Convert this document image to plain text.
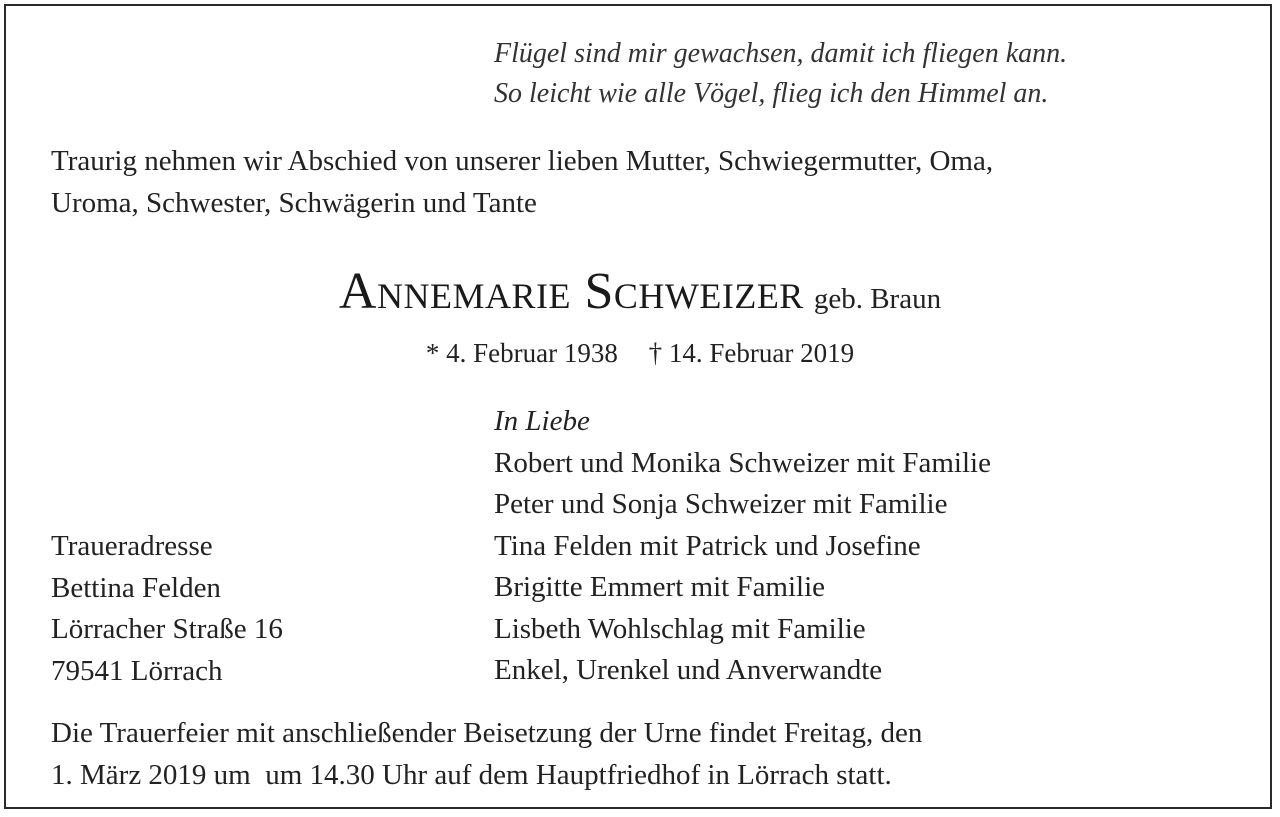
Flügel sind mir gewachsen, damit ich fliegen kann.
So leicht wie alle Vögel, flieg ich den Himmel an.
Traurig nehmen wir Abschied von unserer lieben Mutter, Schwiegermutter, Oma,
Uroma, Schwester, Schwägerin und Tante
Annemarie Schweizer geb. Braun
* 4. Februar 1938 † 14. Februar 2019
In Liebe
Robert und Monika Schweizer mit Familie
Peter und Sonja Schweizer mit Familie
Tina Felden mit Patrick und Josefine
Brigitte Emmert mit Familie
Lisbeth Wohlschlag mit Familie
Enkel, Urenkel und Anverwandte
Traueradresse
Bettina Felden
Lörracher Straße 16
79541 Lörrach
Die Trauerfeier mit anschließender Beisetzung der Urne findet Freitag, den
1. März 2019 um  um 14.30 Uhr auf dem Hauptfriedhof in Lörrach statt.
